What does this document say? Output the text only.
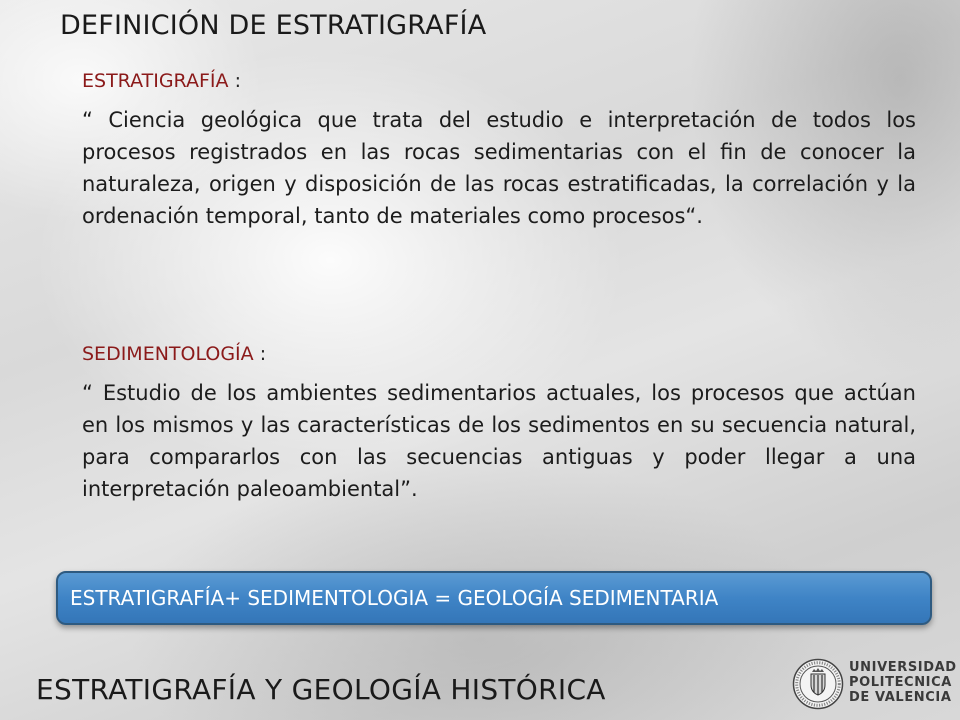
DEFINICIÓN DE ESTRATIGRAFÍA
ESTRATIGRAFÍA :
“ Ciencia geológica que trata del estudio e interpretación de todos los procesos registrados en las rocas sedimentarias con el fin de conocer la naturaleza, origen y disposición de las rocas estratificadas, la correlación y la ordenación temporal, tanto de materiales como procesos“.
SEDIMENTOLOGÍA :
“ Estudio de los ambientes sedimentarios actuales, los procesos que actúan en los mismos y las características de los sedimentos en su secuencia natural, para compararlos con las secuencias antiguas y poder llegar a una interpretación paleoambiental”.
ESTRATIGRAFÍA+ SEDIMENTOLOGIA = GEOLOGÍA SEDIMENTARIA
ESTRATIGRAFÍA Y GEOLOGÍA HISTÓRICA
UNIVERSIDAD
POLITECNICA
DE VALENCIA
